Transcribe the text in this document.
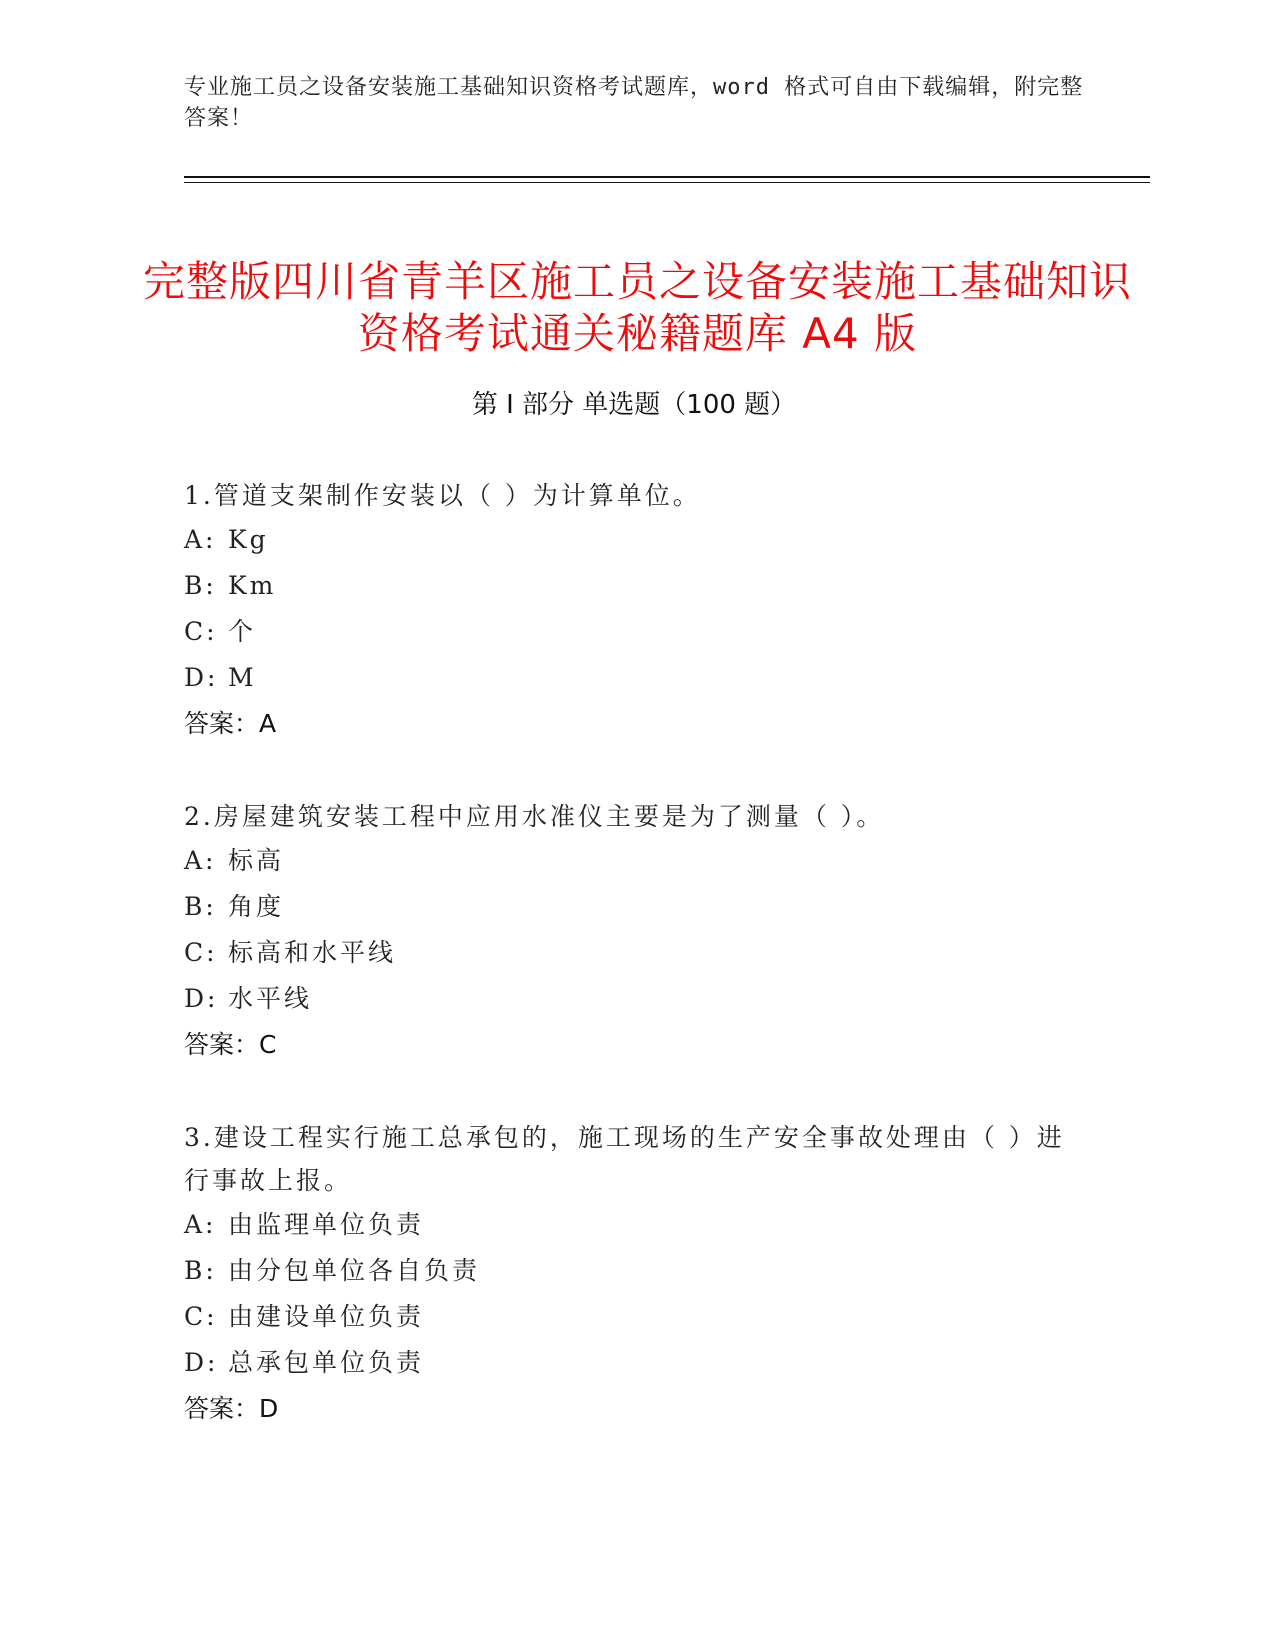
专业施工员之设备安装施工基础知识资格考试题库，word 格式可自由下载编辑，附完整答案！
完整版四川省青羊区施工员之设备安装施工基础知识资格考试通关秘籍题库 A4 版
第 I 部分 单选题（100 题）

1.管道支架制作安装以（ ）为计算单位。

A: Kg
B: Km
C: 个
D: M
答案：A

2.房屋建筑安装工程中应用水准仪主要是为了测量（ ）。

A: 标高
B: 角度
C: 标高和水平线
D: 水平线
答案：C

3.建设工程实行施工总承包的，施工现场的生产安全事故处理由（ ）进行事故上报。

A: 由监理单位负责
B: 由分包单位各自负责
C: 由建设单位负责
D: 总承包单位负责
答案：D
